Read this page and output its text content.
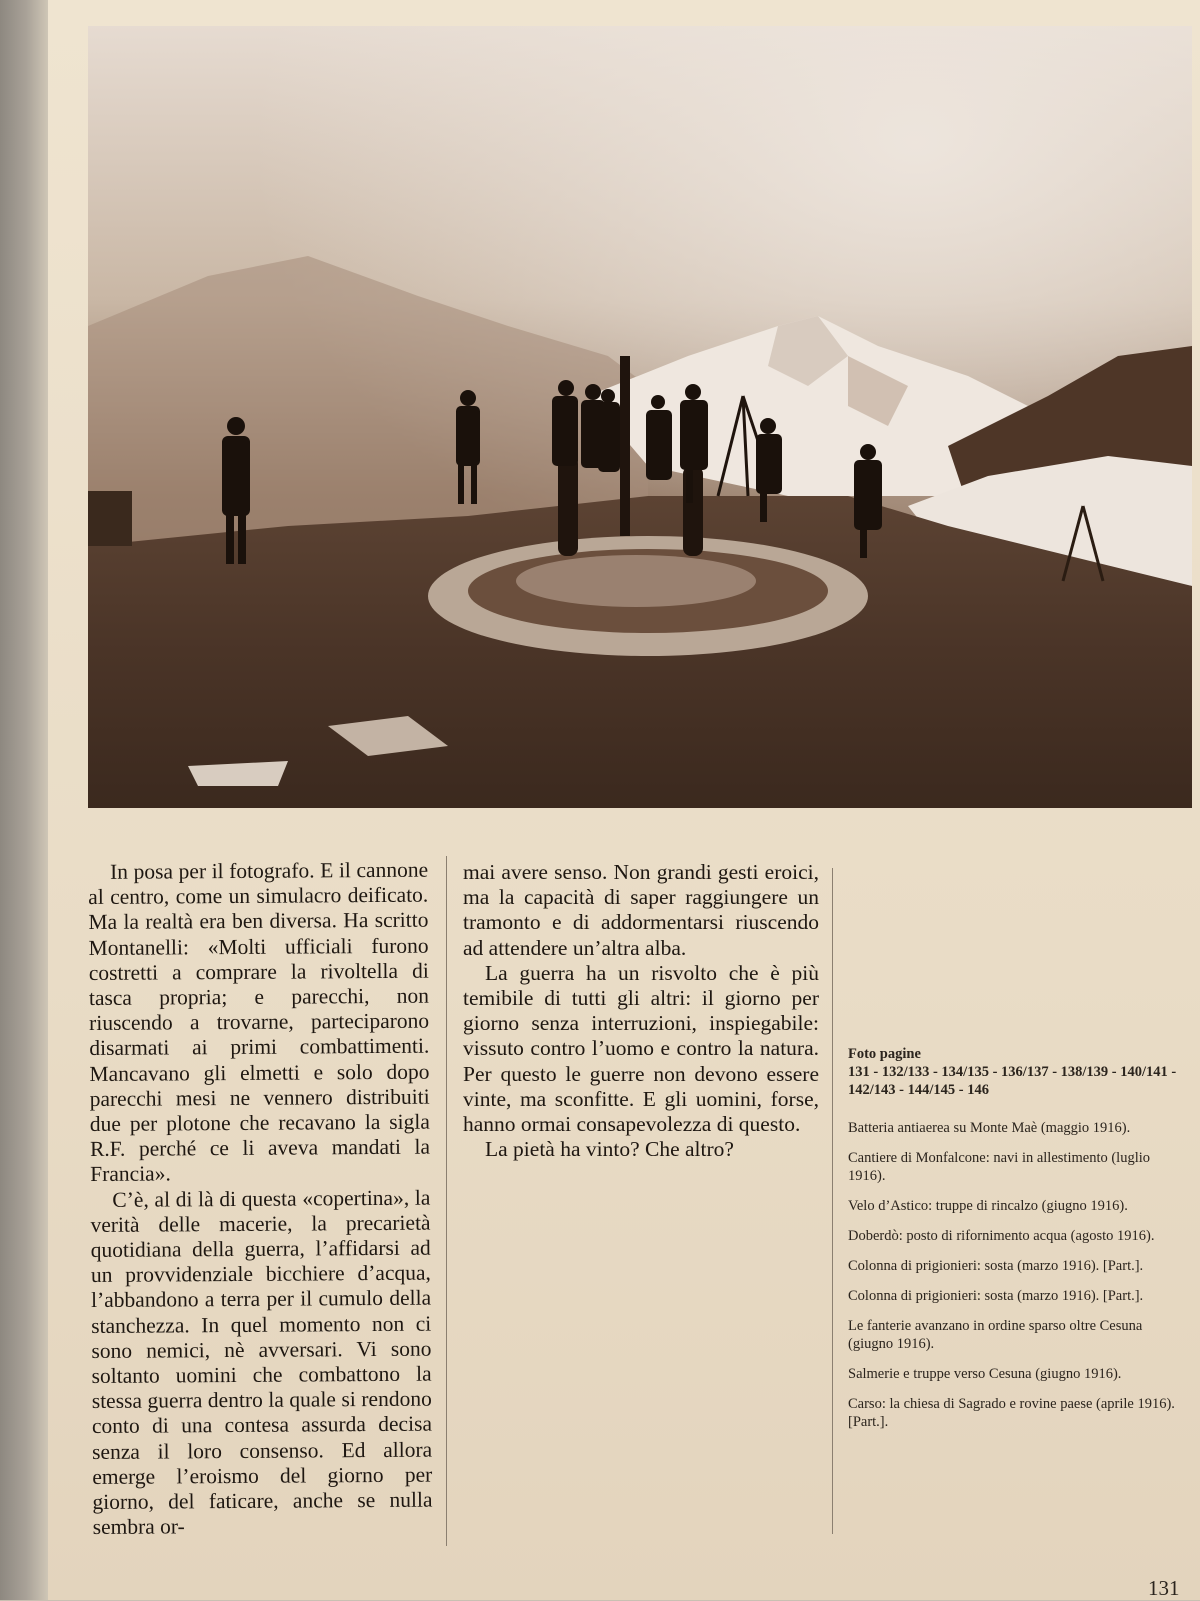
In posa per il fotografo. E il cannone al centro, come un simulacro deificato. Ma la realtà era ben diversa. Ha scritto Montanelli: «Molti ufficiali furono costretti a comprare la rivoltella di tasca propria; e parecchi, non riuscendo a trovarne, parteciparono disarmati ai primi combattimenti. Mancavano gli elmetti e solo dopo parecchi mesi ne vennero distribuiti due per plotone che recavano la sigla R.F. perché ce li aveva mandati la Francia».

C’è, al di là di questa «copertina», la verità delle macerie, la precarietà quotidiana della guerra, l’affidarsi ad un provvidenziale bicchiere d’acqua, l’abbandono a terra per il cumulo della stanchezza. In quel momento non ci sono nemici, nè avversari. Vi sono soltanto uomini che combattono la stessa guerra dentro la quale si rendono conto di una contesa assurda decisa senza il loro consenso. Ed allora emerge l’eroismo del giorno per giorno, del faticare, anche se nulla sembra or-

mai avere senso. Non grandi gesti eroici, ma la capacità di saper raggiungere un tramonto e di addormentarsi riuscendo ad attendere un’altra alba.

La guerra ha un risvolto che è più temibile di tutti gli altri: il giorno per giorno senza interruzioni, inspiegabile: vissuto contro l’uomo e contro la natura. Per questo le guerre non devono essere vinte, ma sconfitte. E gli uomini, forse, hanno ormai consapevolezza di questo.

La pietà ha vinto? Che altro?

Foto pagine

131 - 132/133 - 134/135 - 136/137 - 138/139 - 140/141 - 142/143 - 144/145 - 146

Batteria antiaerea su Monte Maè (maggio 1916).

Cantiere di Monfalcone: navi in allestimento (luglio 1916).

Velo d’Astico: truppe di rincalzo (giugno 1916).

Doberdò: posto di rifornimento acqua (agosto 1916).

Colonna di prigionieri: sosta (marzo 1916). [Part.].

Colonna di prigionieri: sosta (marzo 1916). [Part.].

Le fanterie avanzano in ordine sparso oltre Cesuna (giugno 1916).

Salmerie e truppe verso Cesuna (giugno 1916).

Carso: la chiesa di Sagrado e rovine paese (aprile 1916). [Part.].

131
